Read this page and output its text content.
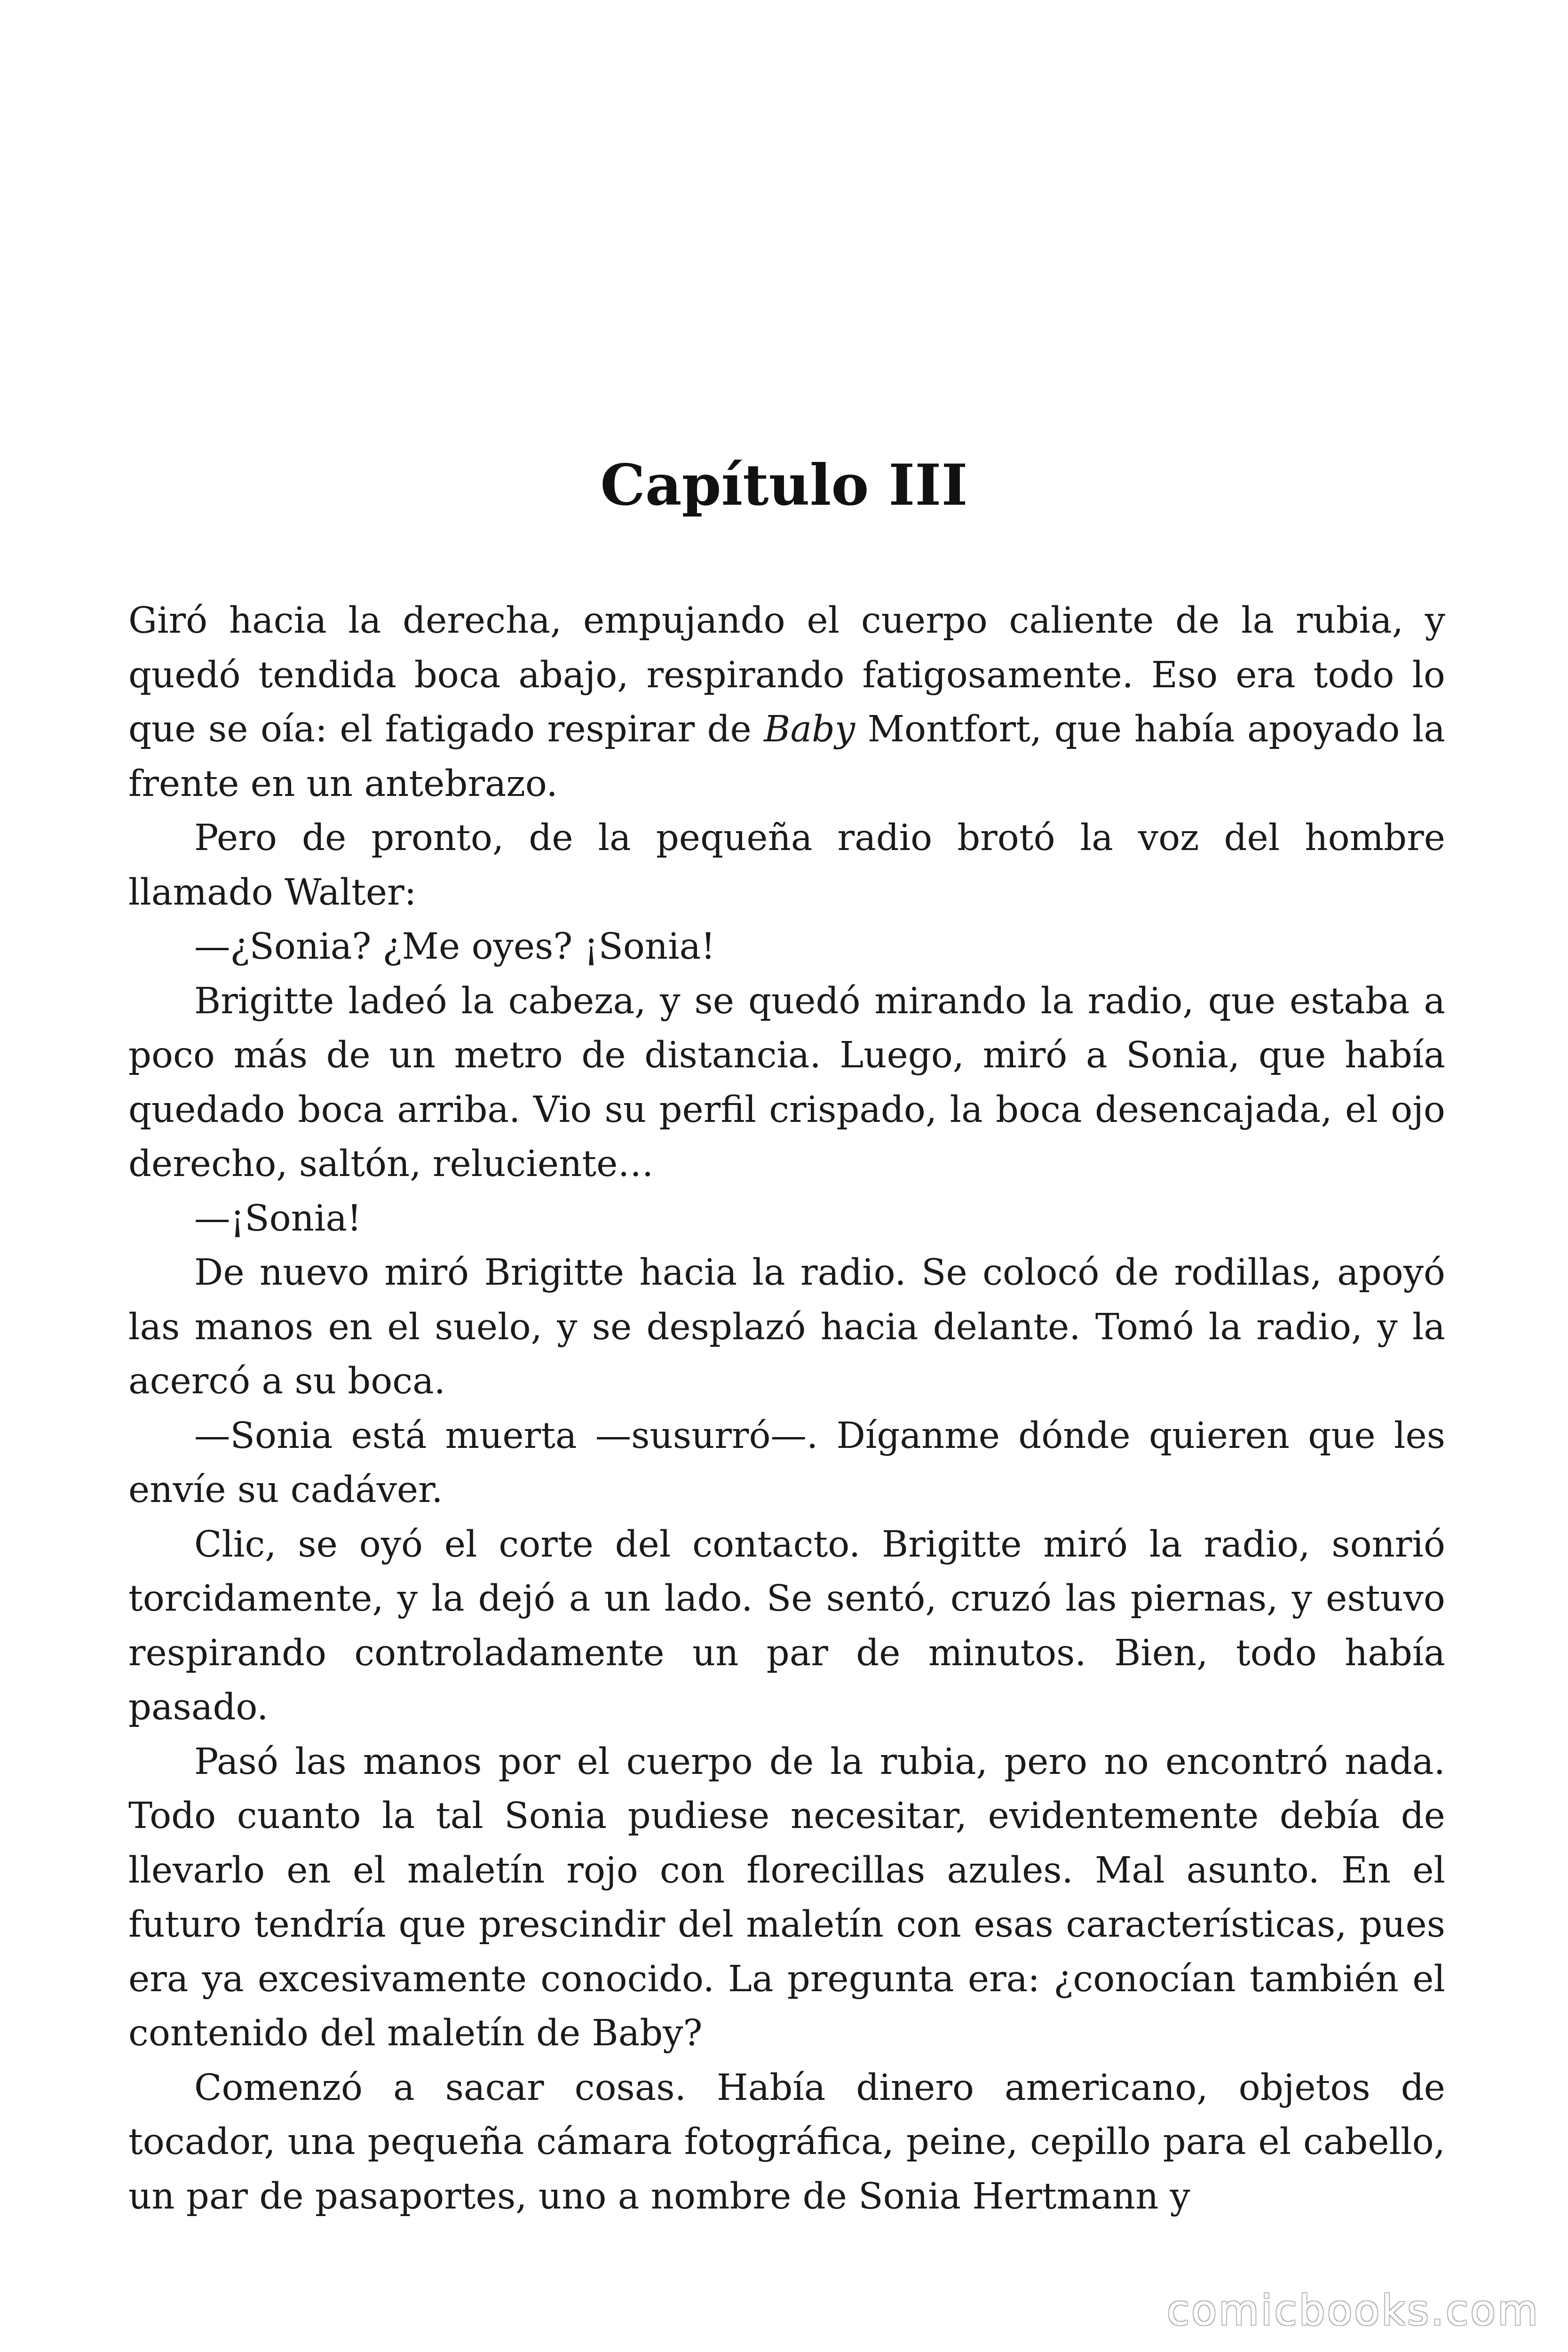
Capítulo III

Giró hacia la derecha, empujando el cuerpo caliente de la rubia, y quedó tendida boca abajo, respirando fatigosamente. Eso era todo lo que se oía: el fatigado respirar de Baby Montfort, que había apoyado la frente en un antebrazo.

Pero de pronto, de la pequeña radio brotó la voz del hombre llamado Walter:

—¿Sonia? ¿Me oyes? ¡Sonia!

Brigitte ladeó la cabeza, y se quedó mirando la radio, que estaba a poco más de un metro de distancia. Luego, miró a Sonia, que había quedado boca arriba. Vio su perfil crispado, la boca desencajada, el ojo derecho, saltón, reluciente…

—¡Sonia!

De nuevo miró Brigitte hacia la radio. Se colocó de rodillas, apoyó las manos en el suelo, y se desplazó hacia delante. Tomó la radio, y la acercó a su boca.

—Sonia está muerta —susurró—. Díganme dónde quieren que les envíe su cadáver.

Clic, se oyó el corte del contacto. Brigitte miró la radio, sonrió torcidamente, y la dejó a un lado. Se sentó, cruzó las piernas, y estuvo respirando controladamente un par de minutos. Bien, todo había pasado.

Pasó las manos por el cuerpo de la rubia, pero no encontró nada. Todo cuanto la tal Sonia pudiese necesitar, evidentemente debía de llevarlo en el maletín rojo con florecillas azules. Mal asunto. En el futuro tendría que prescindir del maletín con esas características, pues era ya excesivamente conocido. La pregunta era: ¿conocían también el contenido del maletín de Baby?

Comenzó a sacar cosas. Había dinero americano, objetos de tocador, una pequeña cámara fotográfica, peine, cepillo para el cabello, un par de pasaportes, uno a nombre de Sonia Hertmann y

comicbooks.com
